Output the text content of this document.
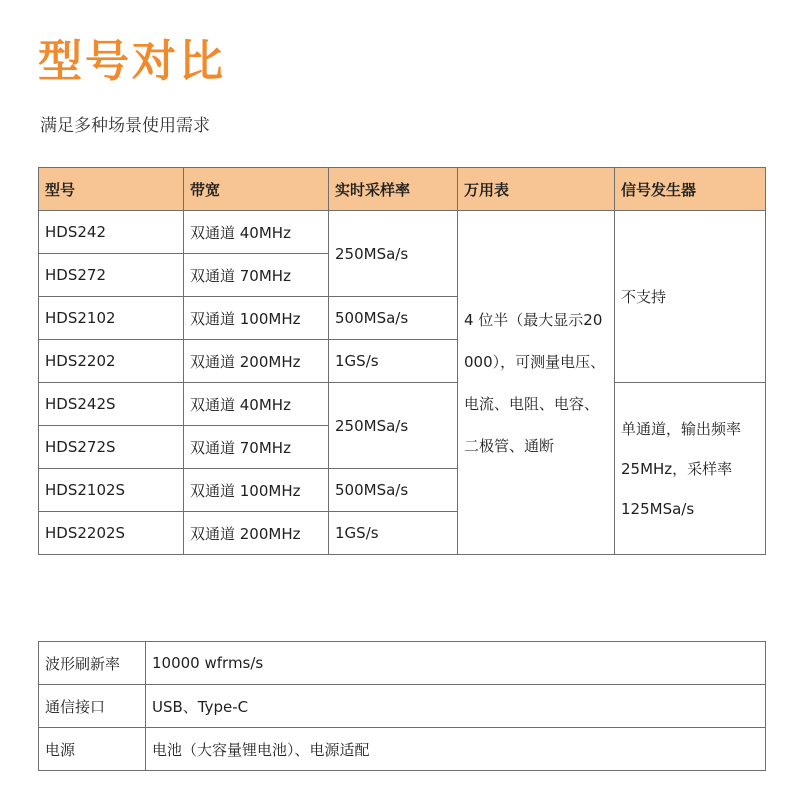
型号对比
满足多种场景使用需求
型号	带宽	实时采样率	万用表	信号发生器
HDS242	双通道 40MHz	250MSa/s	4 位半（最大显示20000），可测量电压、电流、电阻、电容、二极管、通断	不支持
HDS272	双通道 70MHz			
HDS2102	双通道 100MHz	500MSa/s		
HDS2202	双通道 200MHz	1GS/s		
HDS242S	双通道 40MHz	250MSa/s		单通道，输出频率 25MHz，采样率 125MSa/s
HDS272S	双通道 70MHz			
HDS2102S	双通道 100MHz	500MSa/s		
HDS2202S	双通道 200MHz	1GS/s		
波形刷新率	10000 wfrms/s
通信接口	USB、Type-C
电源	电池（大容量锂电池）、电源适配
